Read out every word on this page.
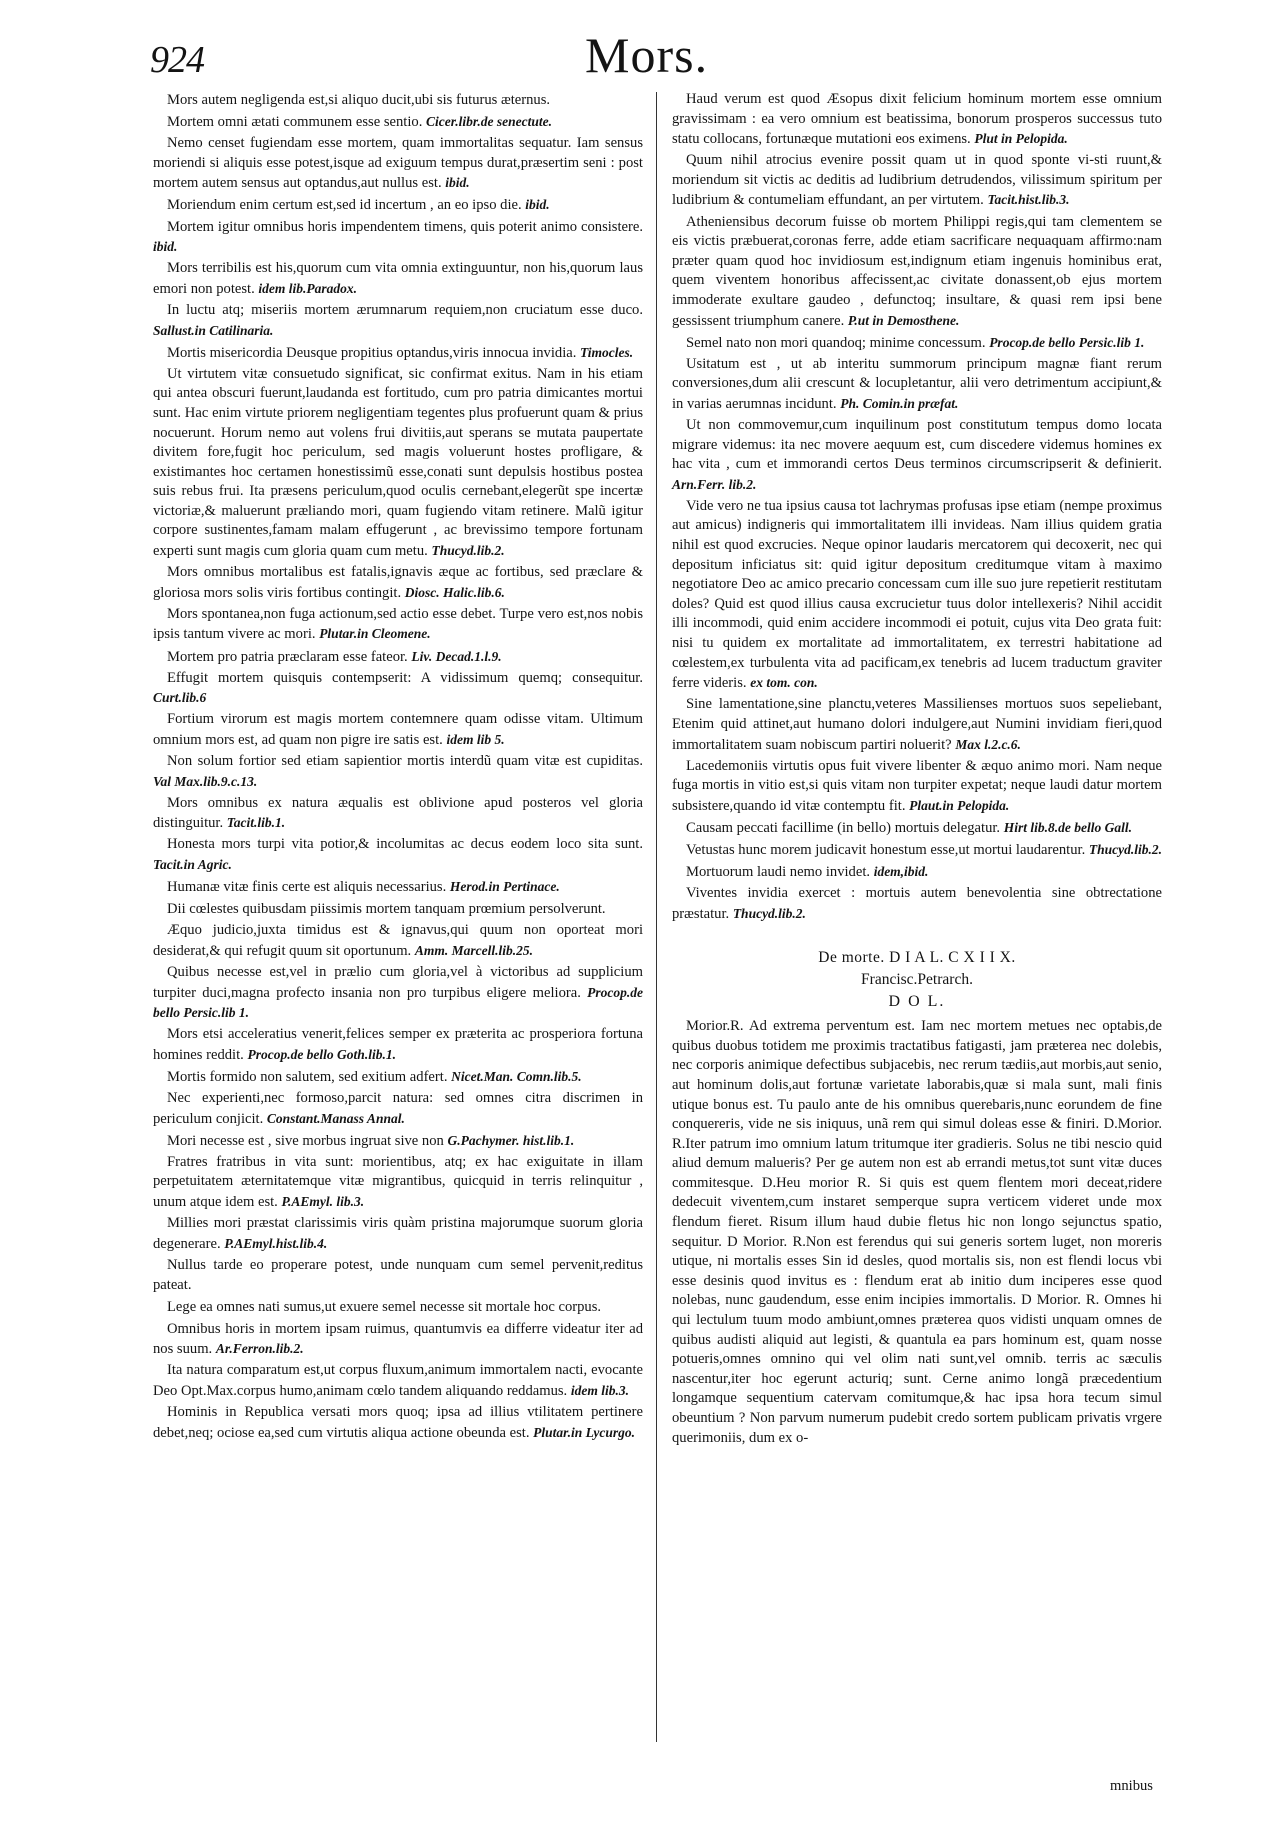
924	Mors.

Mors autem negligenda est,si aliquo ducit,ubi sis futurus æternus.

Mortem omni ætati communem esse sentio. Cicer.libr.de senectute.

Nemo censet fugiendam esse mortem, quam immortalitas sequatur. Iam sensus moriendi si aliquis esse potest,isque ad exiguum tempus durat,præsertim seni : post mortem autem sensus aut optandus,aut nullus est. ibid.

Moriendum enim certum est,sed id incertum , an eo ipso die. ibid.

Mortem igitur omnibus horis impendentem timens, quis poterit animo consistere. ibid.

Mors terribilis est his,quorum cum vita omnia extinguuntur, non his,quorum laus emori non potest. idem lib.Paradox.

In luctu atq; miseriis mortem ærumnarum requiem,non cruciatum esse duco. Sallust.in Catilinaria.

Mortis misericordia Deusque propitius optandus,viris innocua invidia. Timocles.

Ut virtutem vitæ consuetudo significat, sic confirmat exitus. Nam in his etiam qui antea obscuri fuerunt,laudanda est fortitudo, cum pro patria dimicantes mortui sunt. Hac enim virtute priorem negligentiam tegentes plus profuerunt quam & prius nocuerunt. Horum nemo aut volens frui divitiis,aut sperans se mutata paupertate divitem fore,fugit hoc periculum, sed magis voluerunt hostes profligare, & existimantes hoc certamen honestissimũ esse,conati sunt depulsis hostibus postea suis rebus frui. Ita præsens periculum,quod oculis cernebant,elegerũt spe incertæ victoriæ,& maluerunt præliando mori, quam fugiendo vitam retinere. Malũ igitur corpore sustinentes,famam malam effugerunt , ac brevissimo tempore fortunam experti sunt magis cum gloria quam cum metu. Thucyd.lib.2.

Mors omnibus mortalibus est fatalis,ignavis æque ac fortibus, sed præclare & gloriosa mors solis viris fortibus contingit. Diosc. Halic.lib.6.

Mors spontanea,non fuga actionum,sed actio esse debet. Turpe vero est,nos nobis ipsis tantum vivere ac mori. Plutar.in Cleomene.

Mortem pro patria præclaram esse fateor. Liv. Decad.1.l.9.

Effugit mortem quisquis contempserit: A vidissimum quemq; consequitur. Curt.lib.6

Fortium virorum est magis mortem contemnere quam odisse vitam. Ultimum omnium mors est, ad quam non pigre ire satis est. idem lib 5.

Non solum fortior sed etiam sapientior mortis interdũ quam vitæ est cupiditas. Val Max.lib.9.c.13.

Mors omnibus ex natura æqualis est oblivione apud posteros vel gloria distinguitur. Tacit.lib.1.

Honesta mors turpi vita potior,& incolumitas ac decus eodem loco sita sunt. Tacit.in Agric.

Humanæ vitæ finis certe est aliquis necessarius. Herod.in Pertinace.

Dii cœlestes quibusdam piissimis mortem tanquam prœmium persolverunt.

Æquo judicio,juxta timidus est & ignavus,qui quum non oporteat mori desiderat,& qui refugit quum sit oportunum. Amm. Marcell.lib.25.

Quibus necesse est,vel in prælio cum gloria,vel à victoribus ad supplicium turpiter duci,magna profecto insania non pro turpibus eligere meliora. Procop.de bello Persic.lib 1.

Mors etsi acceleratius venerit,felices semper ex præterita ac prosperiora fortuna homines reddit. Procop.de bello Goth.lib.1.

Mortis formido non salutem, sed exitium adfert. Nicet.Man. Comn.lib.5.

Nec experienti,nec formoso,parcit natura: sed omnes citra discrimen in periculum conjicit. Constant.Manass Annal.

Mori necesse est , sive morbus ingruat sive non G.Pachymer. hist.lib.1.

Fratres fratribus in vita sunt: morientibus, atq; ex hac exiguitate in illam perpetuitatem æternitatemque vitæ migrantibus, quicquid in terris relinquitur , unum atque idem est. P.AEmyl. lib.3.

Millies mori præstat clarissimis viris quàm pristina majorumque suorum gloria degenerare. P.AEmyl.hist.lib.4.

Nullus tarde eo properare potest, unde nunquam cum semel pervenit,reditus pateat.

Lege ea omnes nati sumus,ut exuere semel necesse sit mortale hoc corpus.

Omnibus horis in mortem ipsam ruimus, quantumvis ea differre videatur iter ad nos suum. Ar.Ferron.lib.2.

Ita natura comparatum est,ut corpus fluxum,animum immortalem nacti, evocante Deo Opt.Max.corpus humo,animam cœlo tandem aliquando reddamus. idem lib.3.

Hominis in Republica versati mors quoq; ipsa ad illius vtilitatem pertinere debet,neq; ociose ea,sed cum virtutis aliqua actione obeunda est. Plutar.in Lycurgo.

Haud verum est quod Æsopus dixit felicium hominum mortem esse omnium gravissimam : ea vero omnium est beatissima, bonorum prosperos successus tuto statu collocans, fortunæque mutationi eos eximens. Plut in Pelopida.

Quum nihil atrocius evenire possit quam ut in quod sponte vi-sti ruunt,& moriendum sit victis ac deditis ad ludibrium detrudendos, vilissimum spiritum per ludibrium & contumeliam effundant, an per virtutem. Tacit.hist.lib.3.

Atheniensibus decorum fuisse ob mortem Philippi regis,qui tam clementem se eis victis præbuerat,coronas ferre, adde etiam sacrificare nequaquam affirmo:nam præter quam quod hoc invidiosum est,indignum etiam ingenuis hominibus erat, quem viventem honoribus affecissent,ac civitate donassent,ob ejus mortem immoderate exultare gaudeo , defunctoq; insultare, & quasi rem ipsi bene gessissent triumphum canere. P.ut in Demosthene.

Semel nato non mori quandoq; minime concessum. Procop.de bello Persic.lib 1.

Usitatum est , ut ab interitu summorum principum magnæ fiant rerum conversiones,dum alii crescunt & locupletantur, alii vero detrimentum accipiunt,& in varias aerumnas incidunt. Ph. Comin.in præfat.

Ut non commovemur,cum inquilinum post constitutum tempus domo locata migrare videmus: ita nec movere aequum est, cum discedere videmus homines ex hac vita , cum et immorandi certos Deus terminos circumscripserit & definierit. Arn.Ferr. lib.2.

Vide vero ne tua ipsius causa tot lachrymas profusas ipse etiam (nempe proximus aut amicus) indigneris qui immortalitatem illi invideas. Nam illius quidem gratia nihil est quod excrucies. Neque opinor laudaris mercatorem qui decoxerit, nec qui depositum inficiatus sit: quid igitur depositum creditumque vitam à maximo negotiatore Deo ac amico precario concessam cum ille suo jure repetierit restitutam doles? Quid est quod illius causa excrucietur tuus dolor intellexeris? Nihil accidit illi incommodi, quid enim accidere incommodi ei potuit, cujus vita Deo grata fuit: nisi tu quidem ex mortalitate ad immortalitatem, ex terrestri habitatione ad cœlestem,ex turbulenta vita ad pacificam,ex tenebris ad lucem traductum graviter ferre videris. ex tom. con.

Sine lamentatione,sine planctu,veteres Massilienses mortuos suos sepeliebant, Etenim quid attinet,aut humano dolori indulgere,aut Numini invidiam fieri,quod immortalitatem suam nobiscum partiri noluerit? Max l.2.c.6.

Lacedemoniis virtutis opus fuit vivere libenter & æquo animo mori. Nam neque fuga mortis in vitio est,si quis vitam non turpiter expetat; neque laudi datur mortem subsistere,quando id vitæ contemptu fit. Plaut.in Pelopida.

Causam peccati facillime (in bello) mortuis delegatur. Hirt lib.8.de bello Gall.

Vetustas hunc morem judicavit honestum esse,ut mortui laudarentur. Thucyd.lib.2.

Mortuorum laudi nemo invidet. idem,ibid.

Viventes invidia exercet : mortuis autem benevolentia sine obtrectatione præstatur. Thucyd.lib.2.

De morte. D I A L. C X I I X.
Francisc.Petrarch.
D O L.

Morior.R. Ad extrema perventum est. Iam nec mortem metues nec optabis,de quibus duobus totidem me proximis tractatibus fatigasti, jam præterea nec dolebis, nec corporis animique defectibus subjacebis, nec rerum tædiis,aut morbis,aut senio, aut hominum dolis,aut fortunæ varietate laborabis,quæ si mala sunt, mali finis utique bonus est. Tu paulo ante de his omnibus querebaris,nunc eorundem de fine conquereris, vide ne sis iniquus, unã rem qui simul doleas esse & finiri. D.Morior. R.Iter patrum imo omnium latum tritumque iter gradieris. Solus ne tibi nescio quid aliud demum malueris? Per ge autem non est ab errandi metus,tot sunt vitæ duces commitesque. D.Heu morior R. Si quis est quem flentem mori deceat,ridere dedecuit viventem,cum instaret semperque supra verticem videret unde mox flendum fieret. Risum illum haud dubie fletus hic non longo sejunctus spatio, sequitur. D Morior. R.Non est ferendus qui sui generis sortem luget, non moreris utique, ni mortalis esses Sin id desles, quod mortalis sis, non est flendi locus vbi esse desinis quod invitus es : flendum erat ab initio dum inciperes esse quod nolebas, nunc gaudendum, esse enim incipies immortalis. D Morior. R. Omnes hi qui lectulum tuum modo ambiunt,omnes præterea quos vidisti unquam omnes de quibus audisti aliquid aut legisti, & quantula ea pars hominum est, quam nosse potueris,omnes omnino qui vel olim nati sunt,vel omnib. terris ac sæculis nascentur,iter hoc egerunt acturiq; sunt. Cerne animo longã præcedentium longamque sequentium catervam comitumque,& hac ipsa hora tecum simul obeuntium ? Non parvum numerum pudebit credo sortem publicam privatis vrgere querimoniis, dum ex o-

mnibus
